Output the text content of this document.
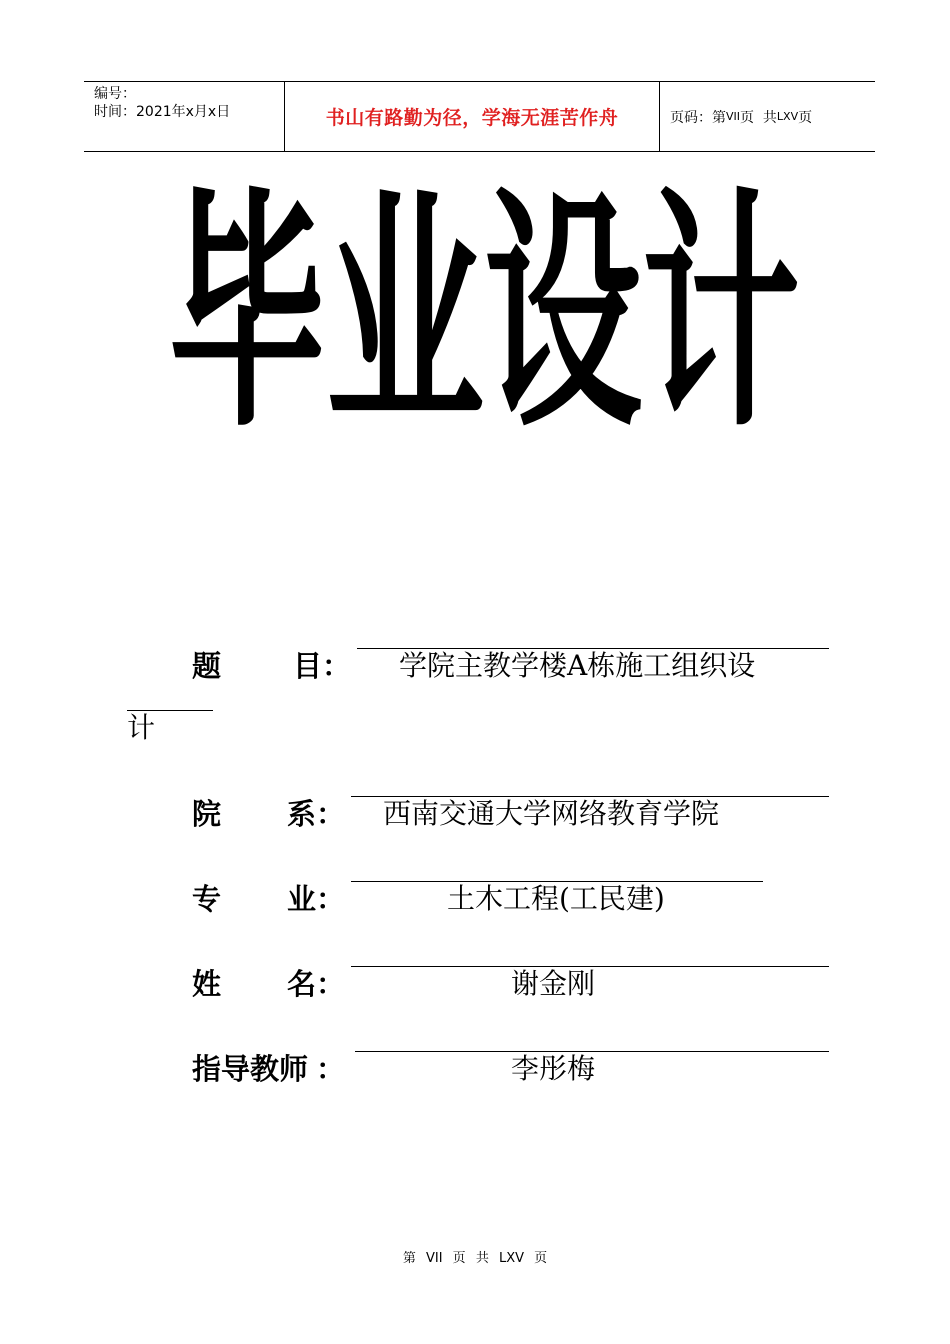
编号：
时间：2021年x月x日	书山有路勤为径，学海无涯苦作舟	页码：第 VII 页  共 LXV 页
毕 业 设 计
题 目 ： 学院主教学楼A栋施工组织设
计
院 系 ： 西南交通大学网络教育学院
专 业 ：	土木工程(工民建)
姓 名 ：	谢金刚
指导教师 ：	李彤梅
第 VII 页 共 LXV 页
